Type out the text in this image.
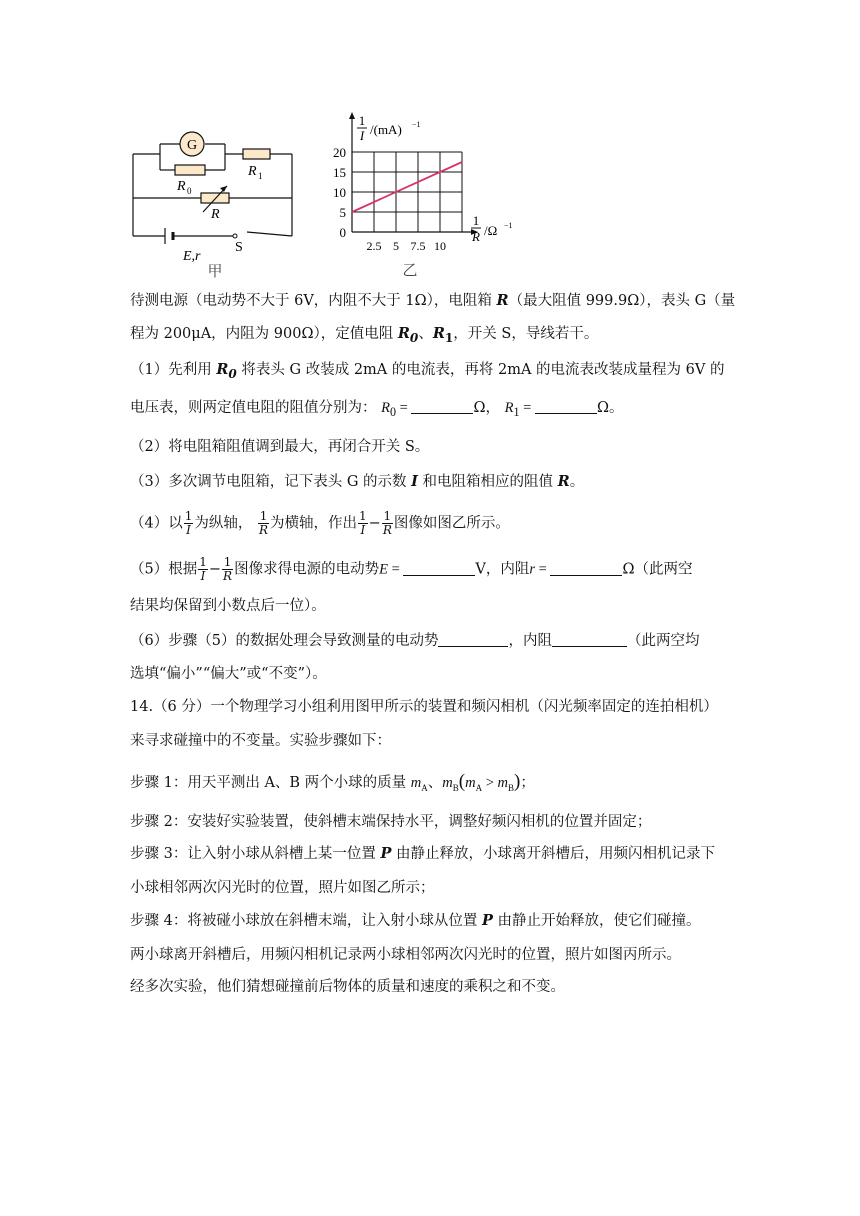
G
R 1
R 0
R
E,r
S
甲
1
I /(mA) −1
5
10
15
20
2.5 5 7.5 10
0
1
R /Ω −1
乙
待测电源（电动势不大于 6V，内阻不大于 1Ω），电阻箱 R（最大阻值 999.9Ω），表头 G（量
程为 200μA，内阻为 900Ω），定值电阻 $R_0$、$R_1$，开关 S，导线若干。
（1）先利用 $R_0$ 将表头 G 改装成 2mA 的电流表，再将 2mA 的电流表改装成量程为 6V 的
电压表，则两定值电阻的阻值分别为： $R_0$ =	Ω， $R_1$ =	Ω。
（2）将电阻箱阻值调到最大，再闭合开关 S。
（3）多次调节电阻箱，记下表头 G 的示数 I 和电阻箱相应的阻值 R。
（4）以 $\frac{1}{I}$ 为纵轴， $\frac{1}{R}$ 为横轴，作出 $\frac{1}{I} - \frac{1}{R}$ 图像如图乙所示。
（5）根据 $\frac{1}{I} - \frac{1}{R}$ 图像求得电源的电动势E =	V，内阻r =	Ω（此两空
结果均保留到小数点后一位）。
（6）步骤（5）的数据处理会导致测量的电动势	，内阻	（此两空均
选填“偏小”“偏大”或“不变”）。
14.（6 分）一个物理学习小组利用图甲所示的装置和频闪相机（闪光频率固定的连拍相机）
来寻求碰撞中的不变量。实验步骤如下：
步骤 1：用天平测出 A、B 两个小球的质量 $m_A$、$m_B(m_A > m_B)$；
步骤 2：安装好实验装置，使斜槽末端保持水平，调整好频闪相机的位置并固定；
步骤 3：让入射小球从斜槽上某一位置 P 由静止释放，小球离开斜槽后，用频闪相机记录下
小球相邻两次闪光时的位置，照片如图乙所示；
步骤 4：将被碰小球放在斜槽末端，让入射小球从位置 P 由静止开始释放，使它们碰撞。
两小球离开斜槽后，用频闪相机记录两小球相邻两次闪光时的位置，照片如图丙所示。
经多次实验，他们猜想碰撞前后物体的质量和速度的乘积之和不变。
